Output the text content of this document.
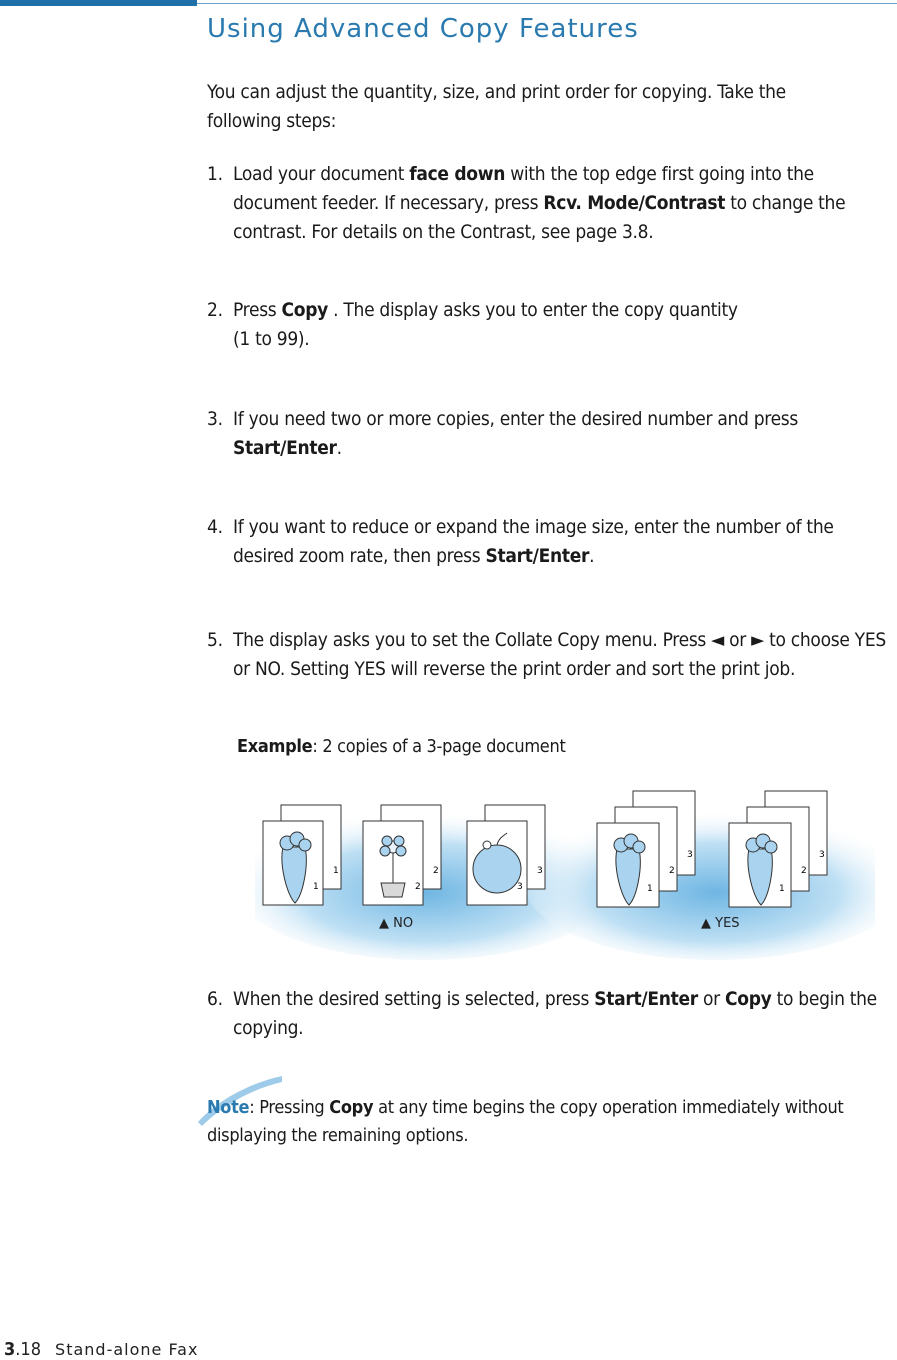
Using Advanced Copy Features
You can adjust the quantity, size, and print order for copying. Take the
following steps:
1. Load your document face down with the top edge first going into the document feeder. If necessary, press Rcv. Mode/Contrast to change the contrast. For details on the Contrast, see page 3.8.
2. Press Copy . The display asks you to enter the copy quantity
(1 to 99).
3. If you need two or more copies, enter the desired number and press
Start/Enter.
4. If you want to reduce or expand the image size, enter the number of the desired zoom rate, then press Start/Enter.
5. The display asks you to set the Collate Copy menu. Press ◄ or ► to choose YES or NO. Setting YES will reverse the print order and sort the print job.
Example: 2 copies of a 3-page document
1
1
2
2
3
3
▲ NO
3
2
1
3
2
1
▲ YES
6. When the desired setting is selected, press Start/Enter or Copy to begin the copying.
Note: Pressing Copy at any time begins the copy operation immediately without displaying the remaining options.
3.18 Stand-alone Fax
